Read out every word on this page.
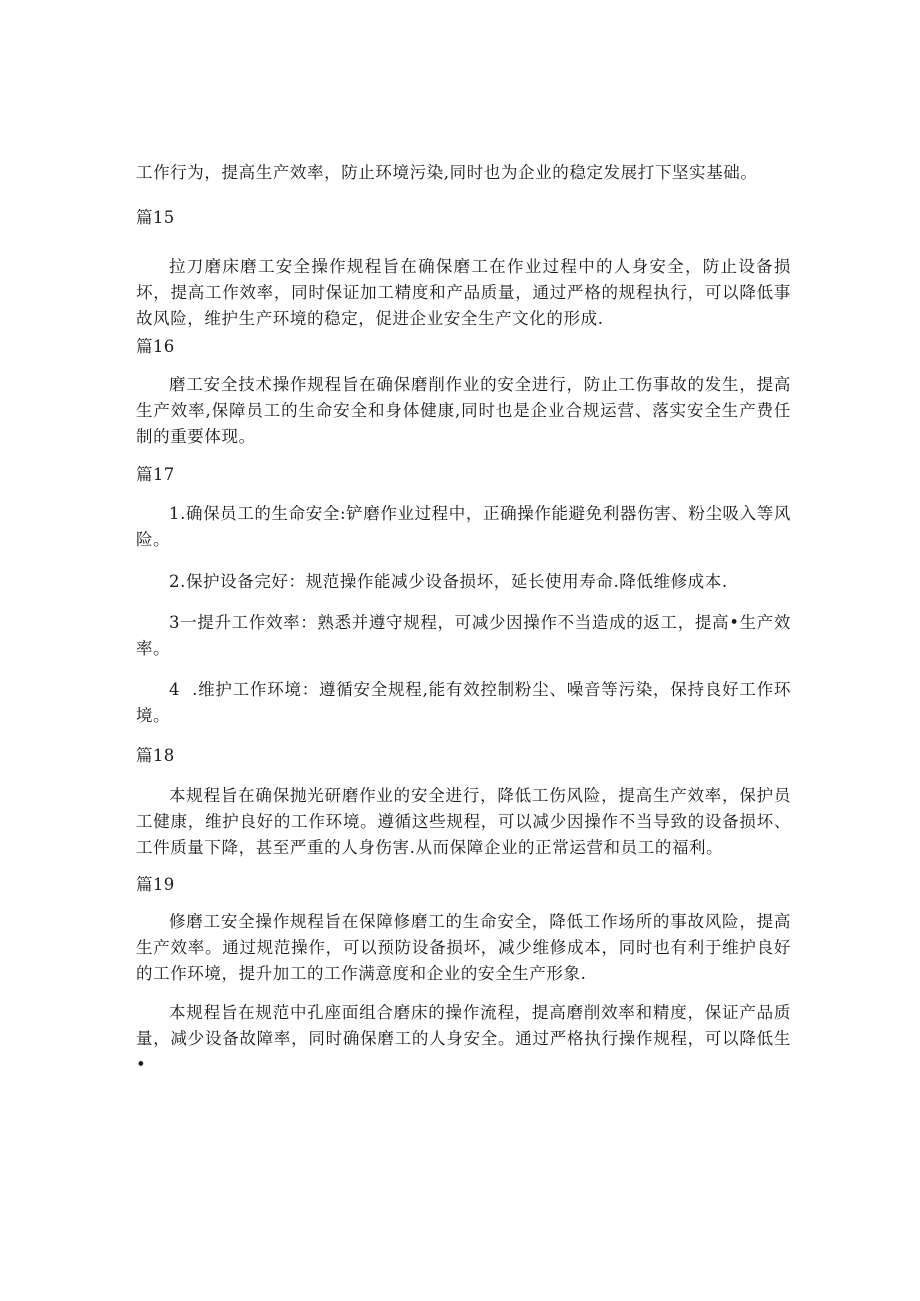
工作行为，提高生产效率，防止环境污染,同时也为企业的稳定发展打下坚实基础。

篇15

拉刀磨床磨工安全操作规程旨在确保磨工在作业过程中的人身安全，防止设备损坏，提高工作效率，同时保证加工精度和产品质量，通过严格的规程执行，可以降低事故风险，维护生产环境的稳定，促进企业安全生产文化的形成.

篇16

磨工安全技术操作规程旨在确保磨削作业的安全进行，防止工伤事故的发生，提高生产效率,保障员工的生命安全和身体健康,同时也是企业合规运营、落实安全生产费任制的重要体现。

篇17

1.确保员工的生命安全:铲磨作业过程中，正确操作能避免利器伤害、粉尘吸入等风险。

2.保护设备完好：规范操作能减少设备损坏，延长使用寿命.降低维修成本.

3一提升工作效率：熟悉并遵守规程，可减少因操作不当造成的返工，提高•生产效率。

4  .维护工作环境：遵循安全规程,能有效控制粉尘、噪音等污染，保持良好工作环境。

篇18

本规程旨在确保抛光研磨作业的安全进行，降低工伤风险，提高生产效率，保护员工健康，维护良好的工作环境。遵循这些规程，可以减少因操作不当导致的设备损坏、工件质量下降，甚至严重的人身伤害.从而保障企业的正常运营和员工的福利。

篇19

修磨工安全操作规程旨在保障修磨工的生命安全，降低工作场所的事故风险，提高生产效率。通过规范操作，可以预防设备损坏，减少维修成本，同时也有利于维护良好的工作环境，提升加工的工作满意度和企业的安全生产形象.

本规程旨在规范中孔座面组合磨床的操作流程，提高磨削效率和精度，保证产品质量，减少设备故障率，同时确保磨工的人身安全。通过严格执行操作规程，可以降低生•
